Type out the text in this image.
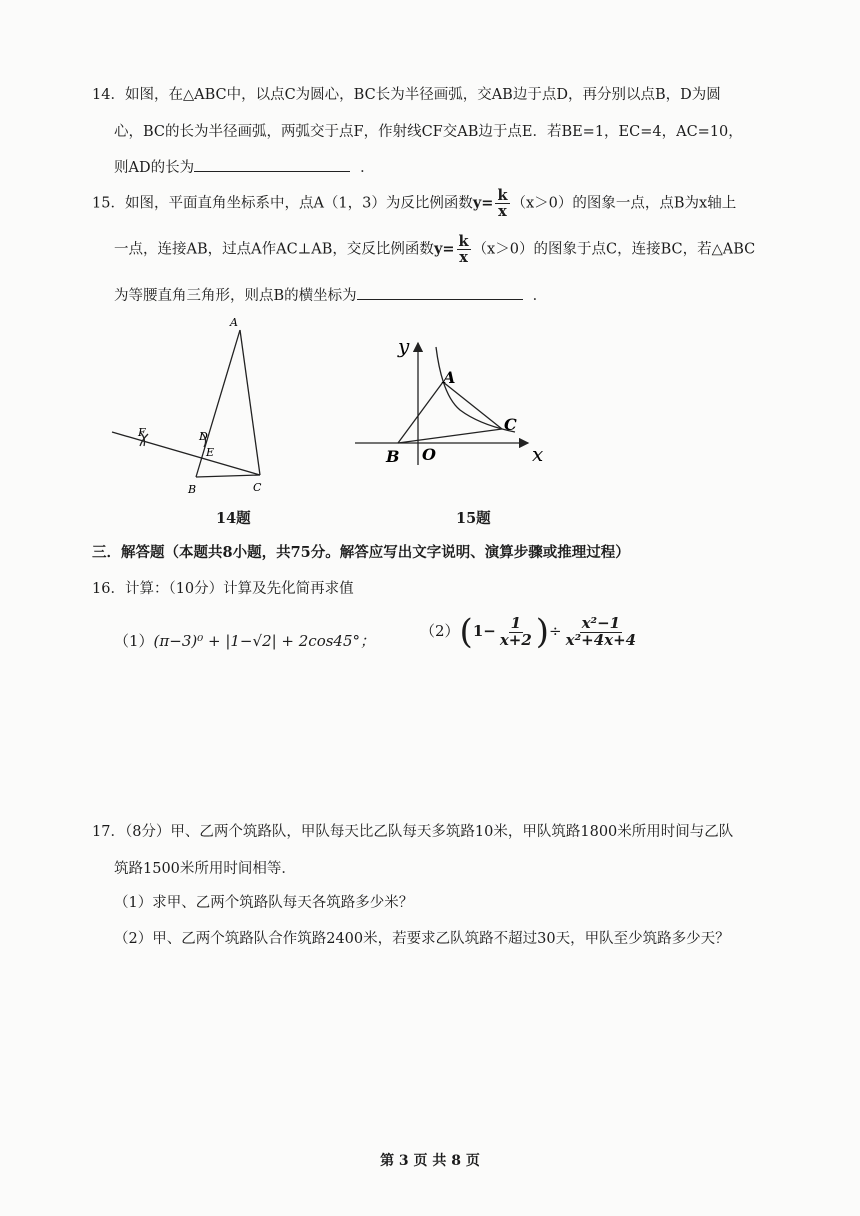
14．如图，在△ABC中，以点C为圆心，BC长为半径画弧，交AB边于点D，再分别以点B，D为圆
心，BC的长为半径画弧，两弧交于点F，作射线CF交AB边于点E．若BE=1，EC=4，AC=10，
则AD的长为	．
15．如图，平面直角坐标系中，点A（1，3）为反比例函数$y= \frac{k}{x} (x>0)$的图象一点，点B为x轴上
一点，连接AB，过点A作AC⊥AB，交反比例函数$y= \frac{k}{x} (x>0)$的图象于点C，连接BC，若△ABC
为等腰直角三角形，则点B的横坐标为	．
A
B	C
D
E
F
14题
y
x
A
B
C
O
15题
三．解答题（本题共8小题，共75分。解答应写出文字说明、演算步骤或推理过程）
16．计算：（10分）计算及先化简再求值
（1）(π−3)⁰ + |1−√2| + 2cos45°；
$(2)(1- \frac{1}{x+2}$ )÷ $\frac{\text{x²−1}}{\text{x²+4x+4}}$
17．（8分）甲、乙两个筑路队，甲队每天比乙队每天多筑路10米，甲队筑路1800米所用时间与乙队
筑路1500米所用时间相等．
（1）求甲、乙两个筑路队每天各筑路多少米？
（2）甲、乙两个筑路队合作筑路2400米，若要求乙队筑路不超过30天，甲队至少筑路多少天？
第 3 页 共 8 页
